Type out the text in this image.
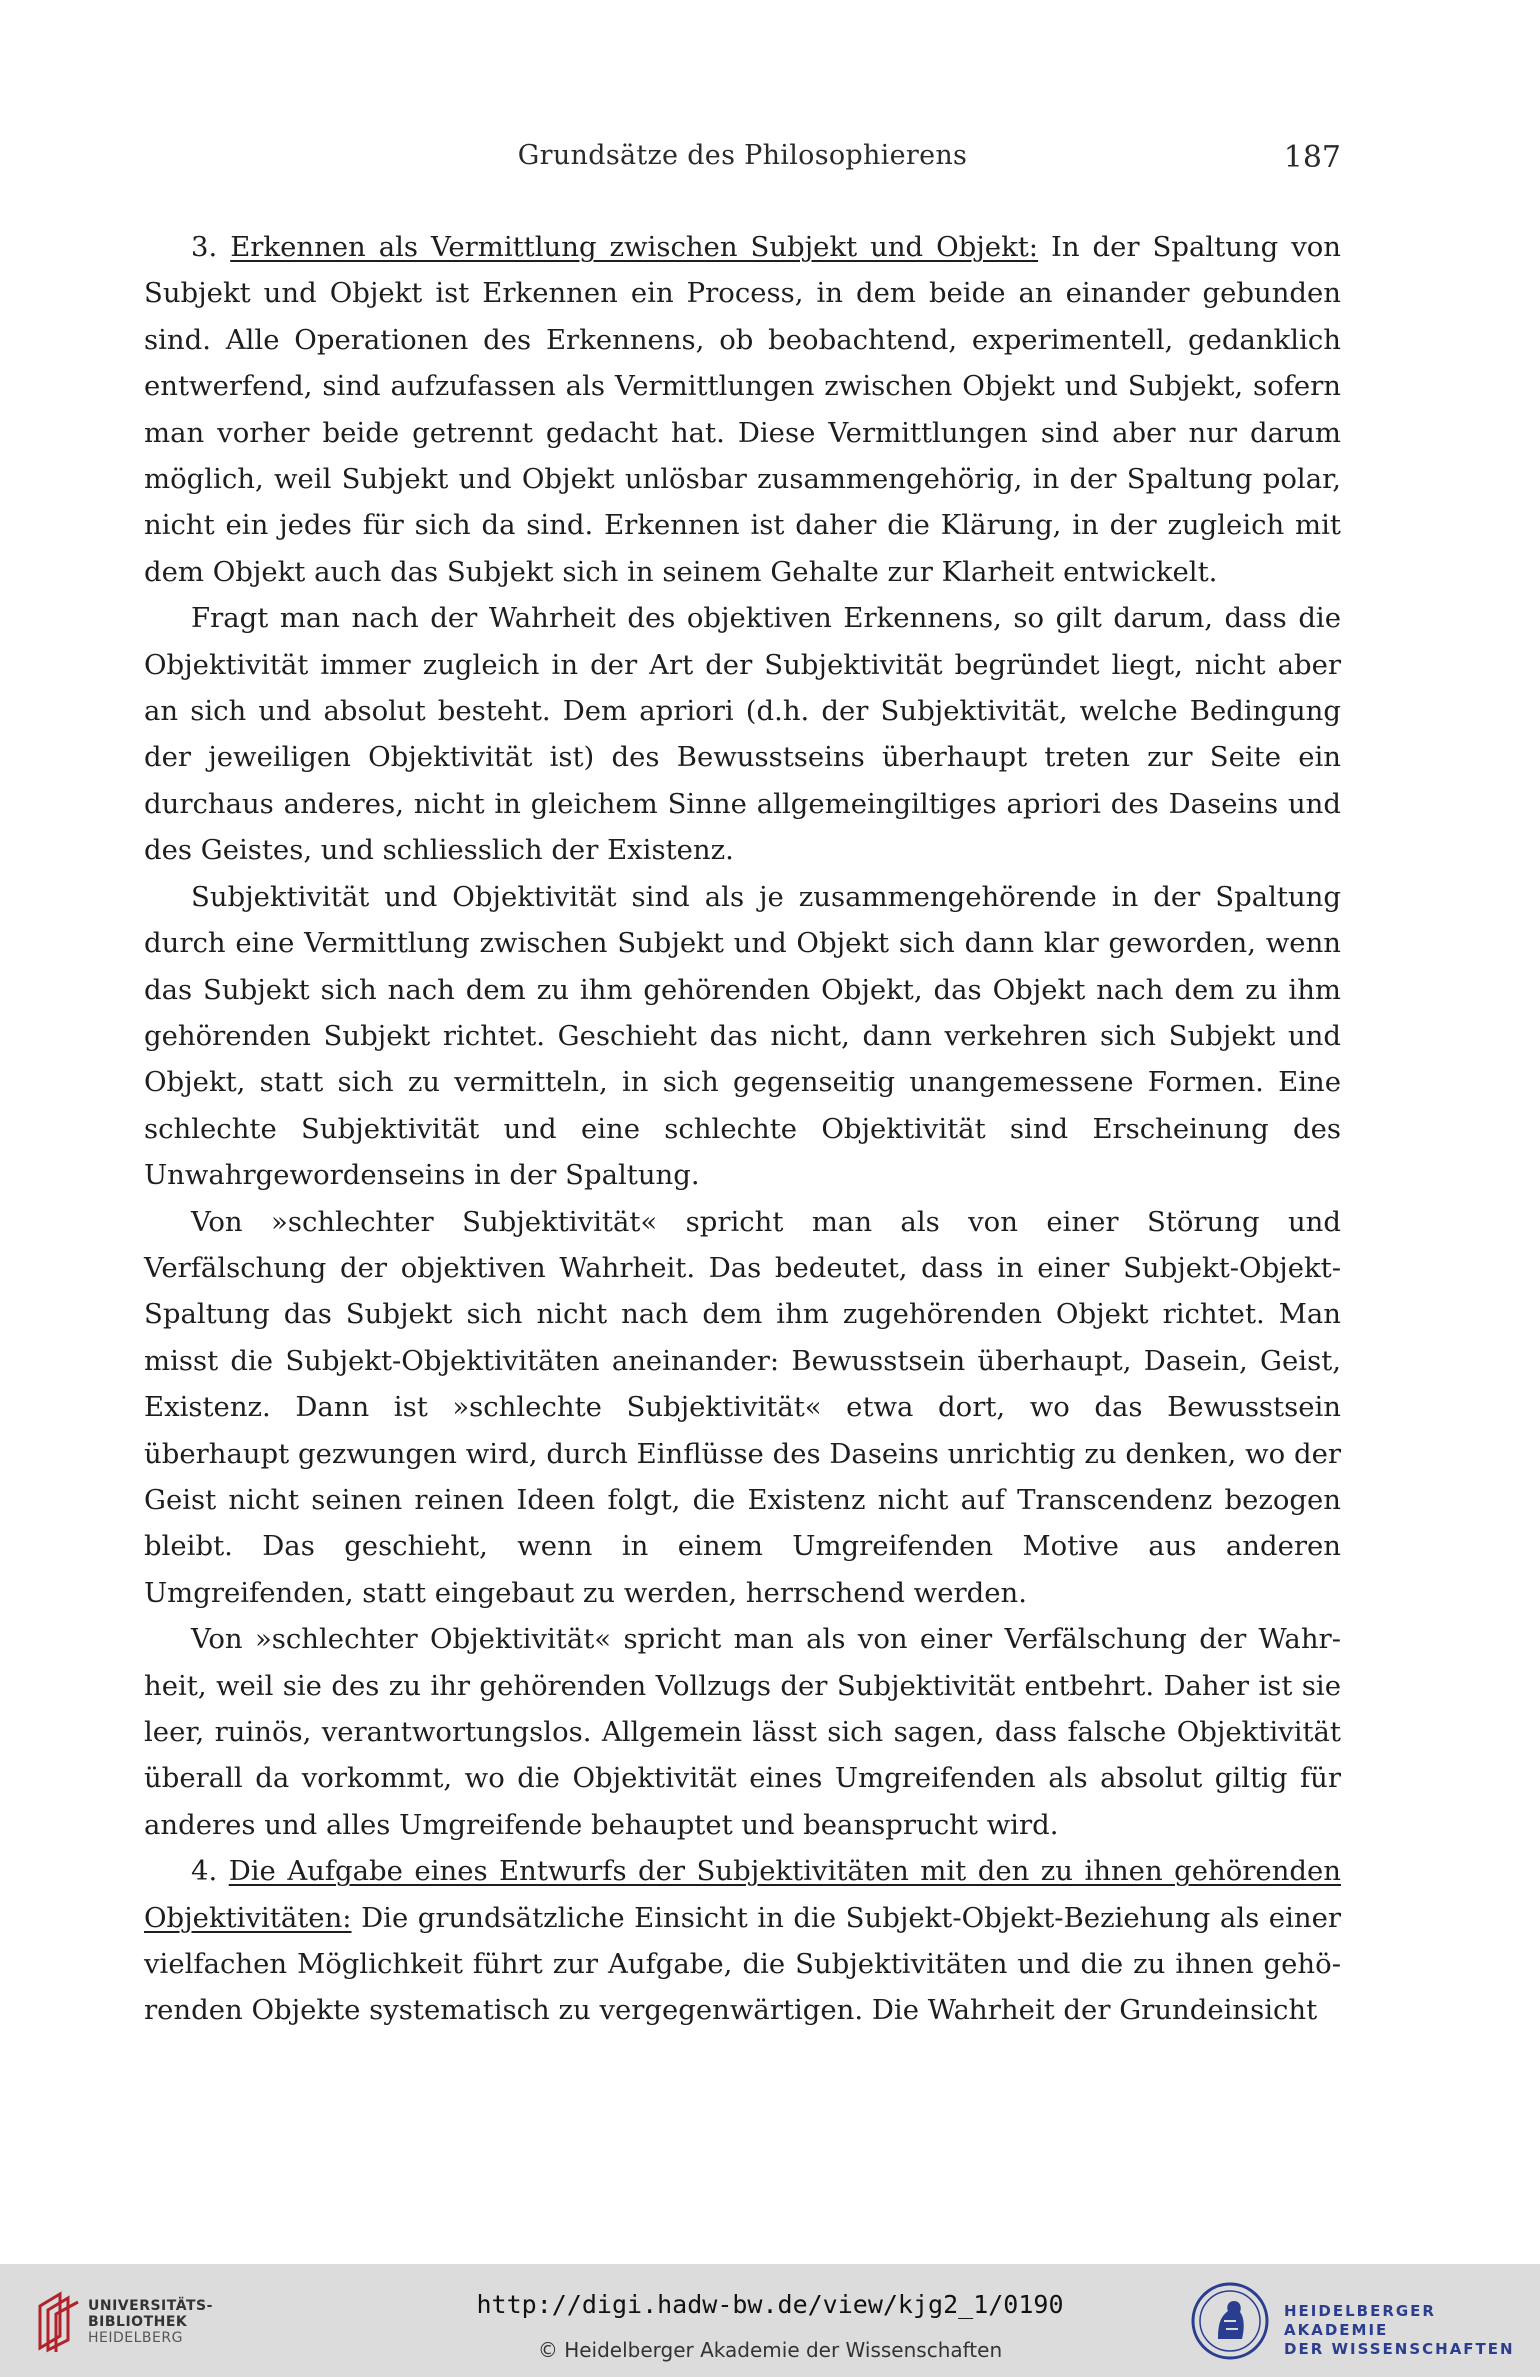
Grundsätze des Philosophierens	187

3. Erkennen als Vermittlung zwischen Subjekt und Objekt: In der Spaltung von Subjekt und Objekt ist Erkennen ein Process, in dem beide an einander gebunden sind. Alle Operationen des Erkennens, ob beobachtend, experimentell, gedanklich entwerfend, sind aufzufassen als Vermittlungen zwischen Objekt und Subjekt, sofern man vorher beide getrennt gedacht hat. Diese Vermittlungen sind aber nur darum möglich, weil Subjekt und Objekt unlösbar zusammengehörig, in der Spaltung polar, nicht ein jedes für sich da sind. Erkennen ist daher die Klärung, in der zugleich mit dem Objekt auch das Subjekt sich in seinem Gehalte zur Klarheit entwickelt.

Fragt man nach der Wahrheit des objektiven Erkennens, so gilt darum, dass die Objektivität immer zugleich in der Art der Subjektivität begründet liegt, nicht aber an sich und absolut besteht. Dem apriori (d.h. der Subjektivität, welche Bedingung der jeweiligen Objektivität ist) des Bewusstseins überhaupt treten zur Seite ein durchaus anderes, nicht in gleichem Sinne allgemeingiltiges apriori des Daseins und des Geistes, und schliesslich der Existenz.

Subjektivität und Objektivität sind als je zusammengehörende in der Spaltung durch eine Vermittlung zwischen Subjekt und Objekt sich dann klar geworden, wenn das Subjekt sich nach dem zu ihm gehörenden Objekt, das Objekt nach dem zu ihm gehörenden Subjekt richtet. Geschieht das nicht, dann verkehren sich Subjekt und Objekt, statt sich zu vermitteln, in sich gegenseitig unangemessene Formen. Eine schlechte Subjektivität und eine schlechte Objektivität sind Erscheinung des Unwahrgewordenseins in der Spaltung.

Von »schlechter Subjektivität« spricht man als von einer Störung und Verfälschung der objektiven Wahrheit. Das bedeutet, dass in einer Subjekt-Objekt-Spaltung das Subjekt sich nicht nach dem ihm zugehörenden Objekt richtet. Man misst die Subjekt-Objektivitäten aneinander: Bewusstsein überhaupt, Dasein, Geist, Existenz. Dann ist »schlechte Subjektivität« etwa dort, wo das Bewusstsein überhaupt gezwungen wird, durch Einflüsse des Daseins unrichtig zu denken, wo der Geist nicht seinen reinen Ideen folgt, die Existenz nicht auf Transcendenz bezogen bleibt. Das geschieht, wenn in einem Umgreifenden Motive aus anderen Umgreifenden, statt eingebaut zu werden, herrschend werden.

Von »schlechter Objektivität« spricht man als von einer Verfälschung der Wahrheit, weil sie des zu ihr gehörenden Vollzugs der Subjektivität entbehrt. Daher ist sie leer, ruinös, verantwortungslos. Allgemein lässt sich sagen, dass falsche Objektivität überall da vorkommt, wo die Objektivität eines Umgreifenden als absolut giltig für anderes und alles Umgreifende behauptet und beansprucht wird.

4. Die Aufgabe eines Entwurfs der Subjektivitäten mit den zu ihnen gehörenden Objektivitäten: Die grundsätzliche Einsicht in die Subjekt-Objekt-Beziehung als einer vielfachen Möglichkeit führt zur Aufgabe, die Subjektivitäten und die zu ihnen gehörenden Objekte systematisch zu vergegenwärtigen. Die Wahrheit der Grundeinsicht

UNIVERSITÄTS-
BIBLIOTHEK
HEIDELBERG
http://digi.hadw-bw.de/view/kjg2_1/0190
© Heidelberger Akademie der Wissenschaften
HEIDELBERGER AKADEMIE
DER WISSENSCHAFTEN
